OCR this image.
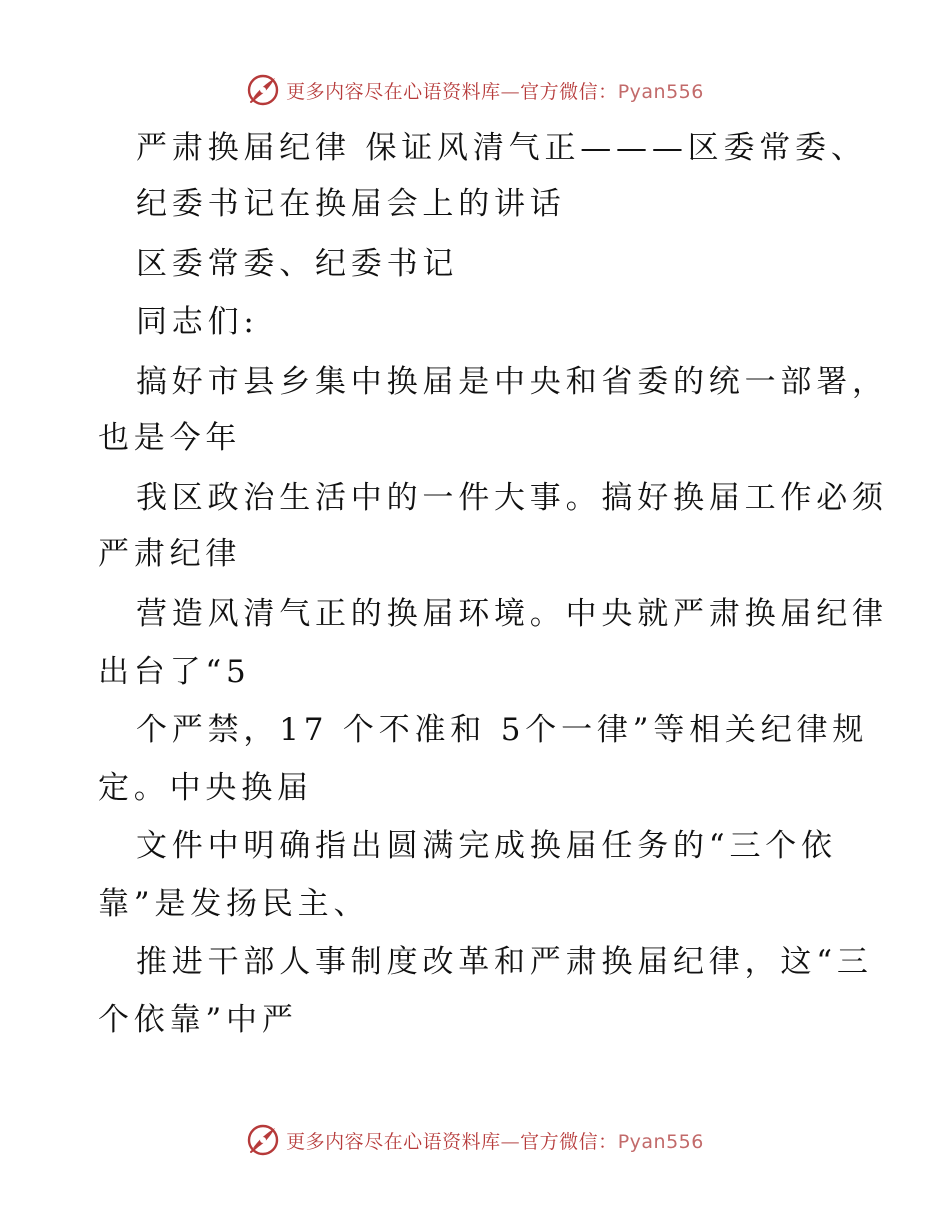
更多内容尽在心语资料库—官方微信：Pyan556
严肃换届纪律 保证风清气正———区委常委、
纪委书记在换届会上的讲话
区委常委、纪委书记
同志们:
搞好市县乡集中换届是中央和省委的统一部署，
也是今年
我区政治生活中的一件大事。搞好换届工作必须
严肃纪律
营造风清气正的换届环境。中央就严肃换届纪律
出台了“5
个严禁，17 个不准和 5个一律”等相关纪律规
定。中央换届
文件中明确指出圆满完成换届任务的“三个依
靠”是发扬民主、
推进干部人事制度改革和严肃换届纪律，这“三
个依靠”中严
更多内容尽在心语资料库—官方微信：Pyan556
